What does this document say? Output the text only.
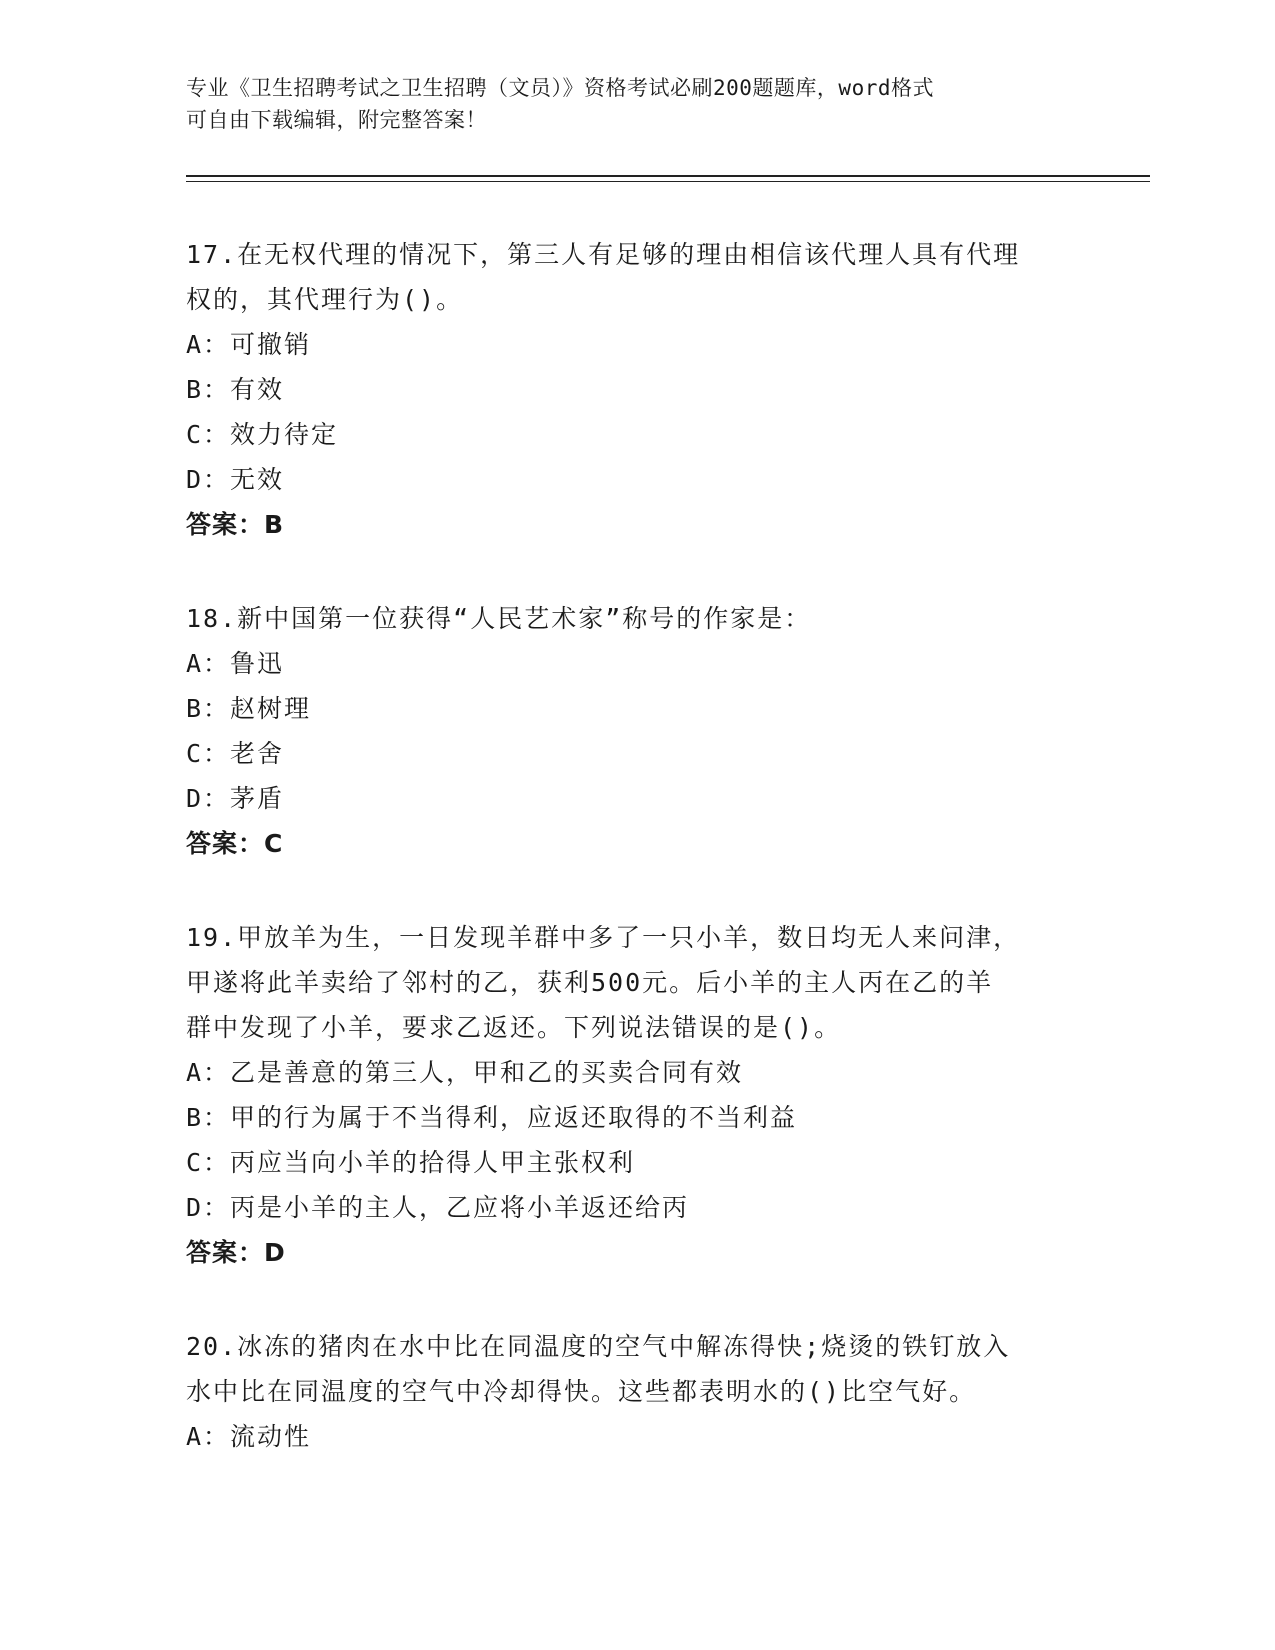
专业《卫生招聘考试之卫生招聘（文员）》资格考试必刷200题题库，word格式
可自由下载编辑，附完整答案！
17.在无权代理的情况下，第三人有足够的理由相信该代理人具有代理
权的，其代理行为()。
A：可撤销
B：有效
C：效力待定
D：无效
答案：B
18.新中国第一位获得“人民艺术家”称号的作家是：
A：鲁迅
B：赵树理
C：老舍
D：茅盾
答案：C
19.甲放羊为生，一日发现羊群中多了一只小羊，数日均无人来问津，
甲遂将此羊卖给了邻村的乙，获利500元。后小羊的主人丙在乙的羊
群中发现了小羊，要求乙返还。下列说法错误的是()。
A：乙是善意的第三人，甲和乙的买卖合同有效
B：甲的行为属于不当得利，应返还取得的不当利益
C：丙应当向小羊的拾得人甲主张权利
D：丙是小羊的主人，乙应将小羊返还给丙
答案：D
20.冰冻的猪肉在水中比在同温度的空气中解冻得快;烧烫的铁钉放入
水中比在同温度的空气中冷却得快。这些都表明水的()比空气好。
A：流动性
